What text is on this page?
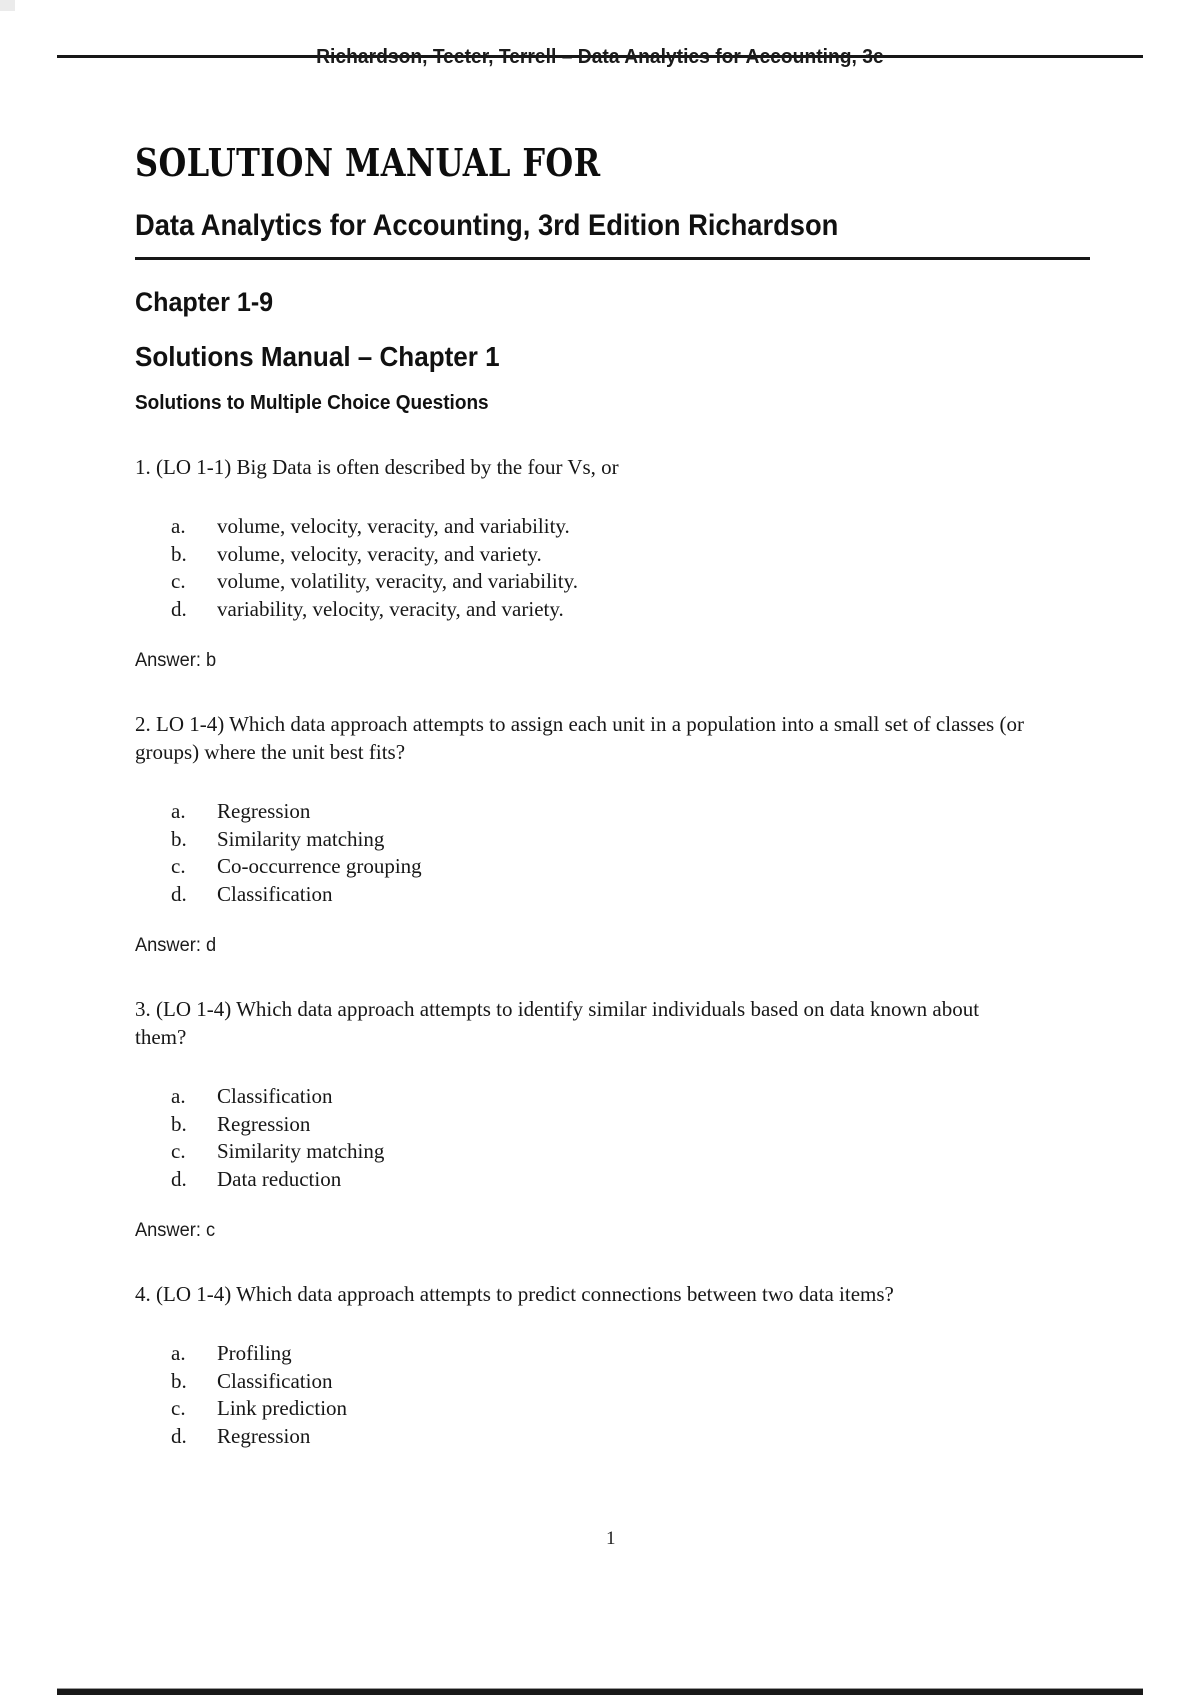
Richardson, Teeter, Terrell – Data Analytics for Accounting, 3e
SOLUTION MANUAL FOR
Data Analytics for Accounting, 3rd Edition Richardson
Chapter 1-9
Solutions Manual – Chapter 1
Solutions to Multiple Choice Questions

1. (LO 1-1) Big Data is often described by the four Vs, or

a.	volume, velocity, veracity, and variability.
b.	volume, velocity, veracity, and variety.
c.	volume, volatility, veracity, and variability.
d.	variability, velocity, veracity, and variety.
Answer: b

2. LO 1-4) Which data approach attempts to assign each unit in a population into a small set of classes (or groups) where the unit best fits?

a.	Regression
b.	Similarity matching
c.	Co-occurrence grouping
d.	Classification
Answer: d

3. (LO 1-4) Which data approach attempts to identify similar individuals based on data known about them?

a.	Classification
b.	Regression
c.	Similarity matching
d.	Data reduction
Answer: c

4. (LO 1-4) Which data approach attempts to predict connections between two data items?

a.	Profiling
b.	Classification
c.	Link prediction
d.	Regression
1
